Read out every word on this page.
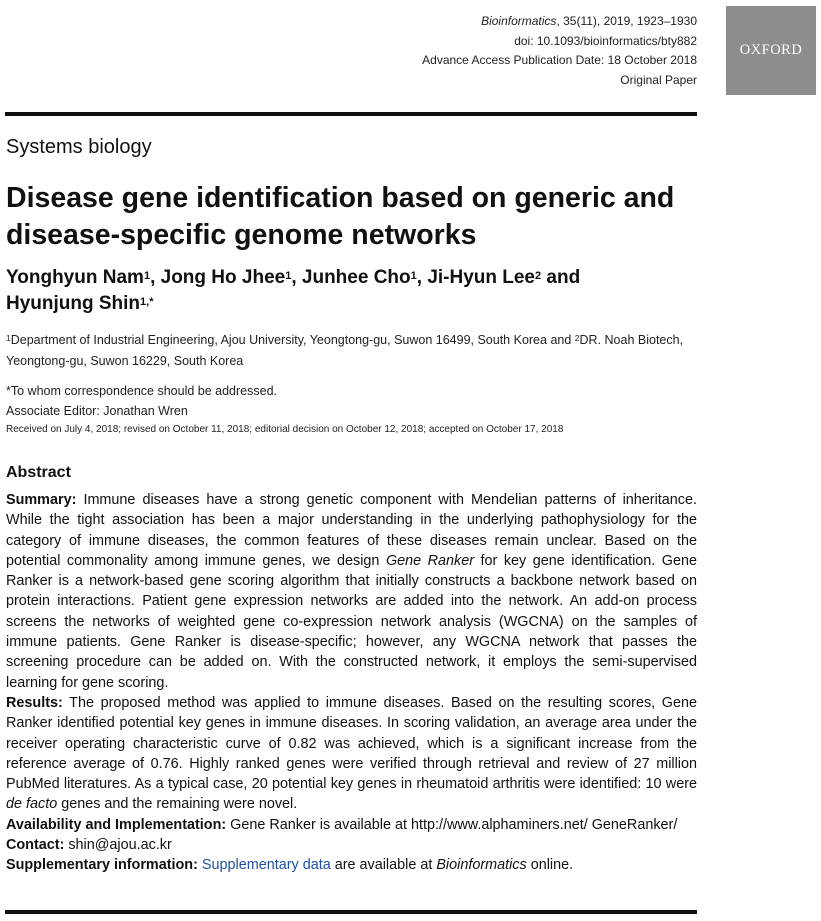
Bioinformatics, 35(11), 2019, 1923–1930
doi: 10.1093/bioinformatics/bty882
Advance Access Publication Date: 18 October 2018
Original Paper
OXFORD
Systems biology
Disease gene identification based on generic and disease-specific genome networks
Yonghyun Nam$^1$, Jong Ho Jhee$^1$, Junhee Cho$^1$, Ji-Hyun Lee$^2$ and
Hyunjung Shin$^{1,*}$
$^1$Department of Industrial Engineering, Ajou University, Yeongtong-gu, Suwon 16499, South Korea and $^2$DR. Noah Biotech, Yeongtong-gu, Suwon 16229, South Korea
*To whom correspondence should be addressed.
Associate Editor: Jonathan Wren
Received on July 4, 2018; revised on October 11, 2018; editorial decision on October 12, 2018; accepted on October 17, 2018
Abstract

Summary: Immune diseases have a strong genetic component with Mendelian patterns of inheritance. While the tight association has been a major understanding in the underlying pathophysiology for the category of immune diseases, the common features of these diseases remain unclear. Based on the potential commonality among immune genes, we design Gene Ranker for key gene identification. Gene Ranker is a network-based gene scoring algorithm that initially constructs a backbone network based on protein interactions. Patient gene expression networks are added into the network. An add-on process screens the networks of weighted gene co-expression network analysis (WGCNA) on the samples of immune patients. Gene Ranker is disease-specific; however, any WGCNA network that passes the screening procedure can be added on. With the constructed network, it employs the semi-supervised learning for gene scoring.

Results: The proposed method was applied to immune diseases. Based on the resulting scores, Gene Ranker identified potential key genes in immune diseases. In scoring validation, an average area under the receiver operating characteristic curve of 0.82 was achieved, which is a significant increase from the reference average of 0.76. Highly ranked genes were verified through retrieval and review of 27 million PubMed literatures. As a typical case, 20 potential key genes in rheumatoid arthritis were identified: 10 were de facto genes and the remaining were novel.

Availability and Implementation: Gene Ranker is available at http://www.alphaminers.net/ GeneRanker/

Contact: shin@ajou.ac.kr

Supplementary information: Supplementary data are available at Bioinformatics online.
